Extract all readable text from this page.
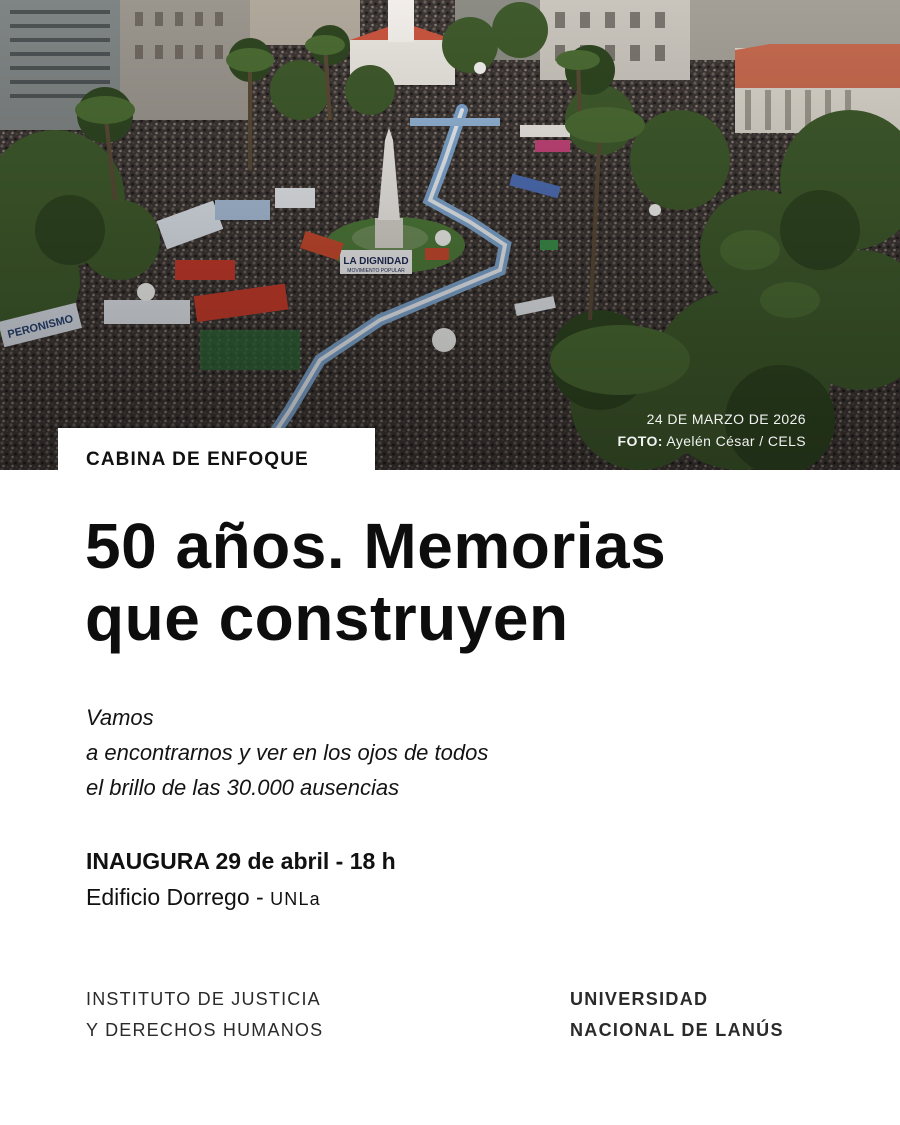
24 DE MARZO DE 2026
FOTO: Ayelén César / CELS
CABINA DE ENFOQUE
50 años. Memorias
que construyen
Vamos
a encontrarnos y ver en los ojos de todos
el brillo de las 30.000 ausencias
INAUGURA 29 de abril - 18 h
Edificio Dorrego - UNLa
INSTITUTO DE JUSTICIA
Y DERECHOS HUMANOS
UNIVERSIDAD
NACIONAL DE LANÚS
